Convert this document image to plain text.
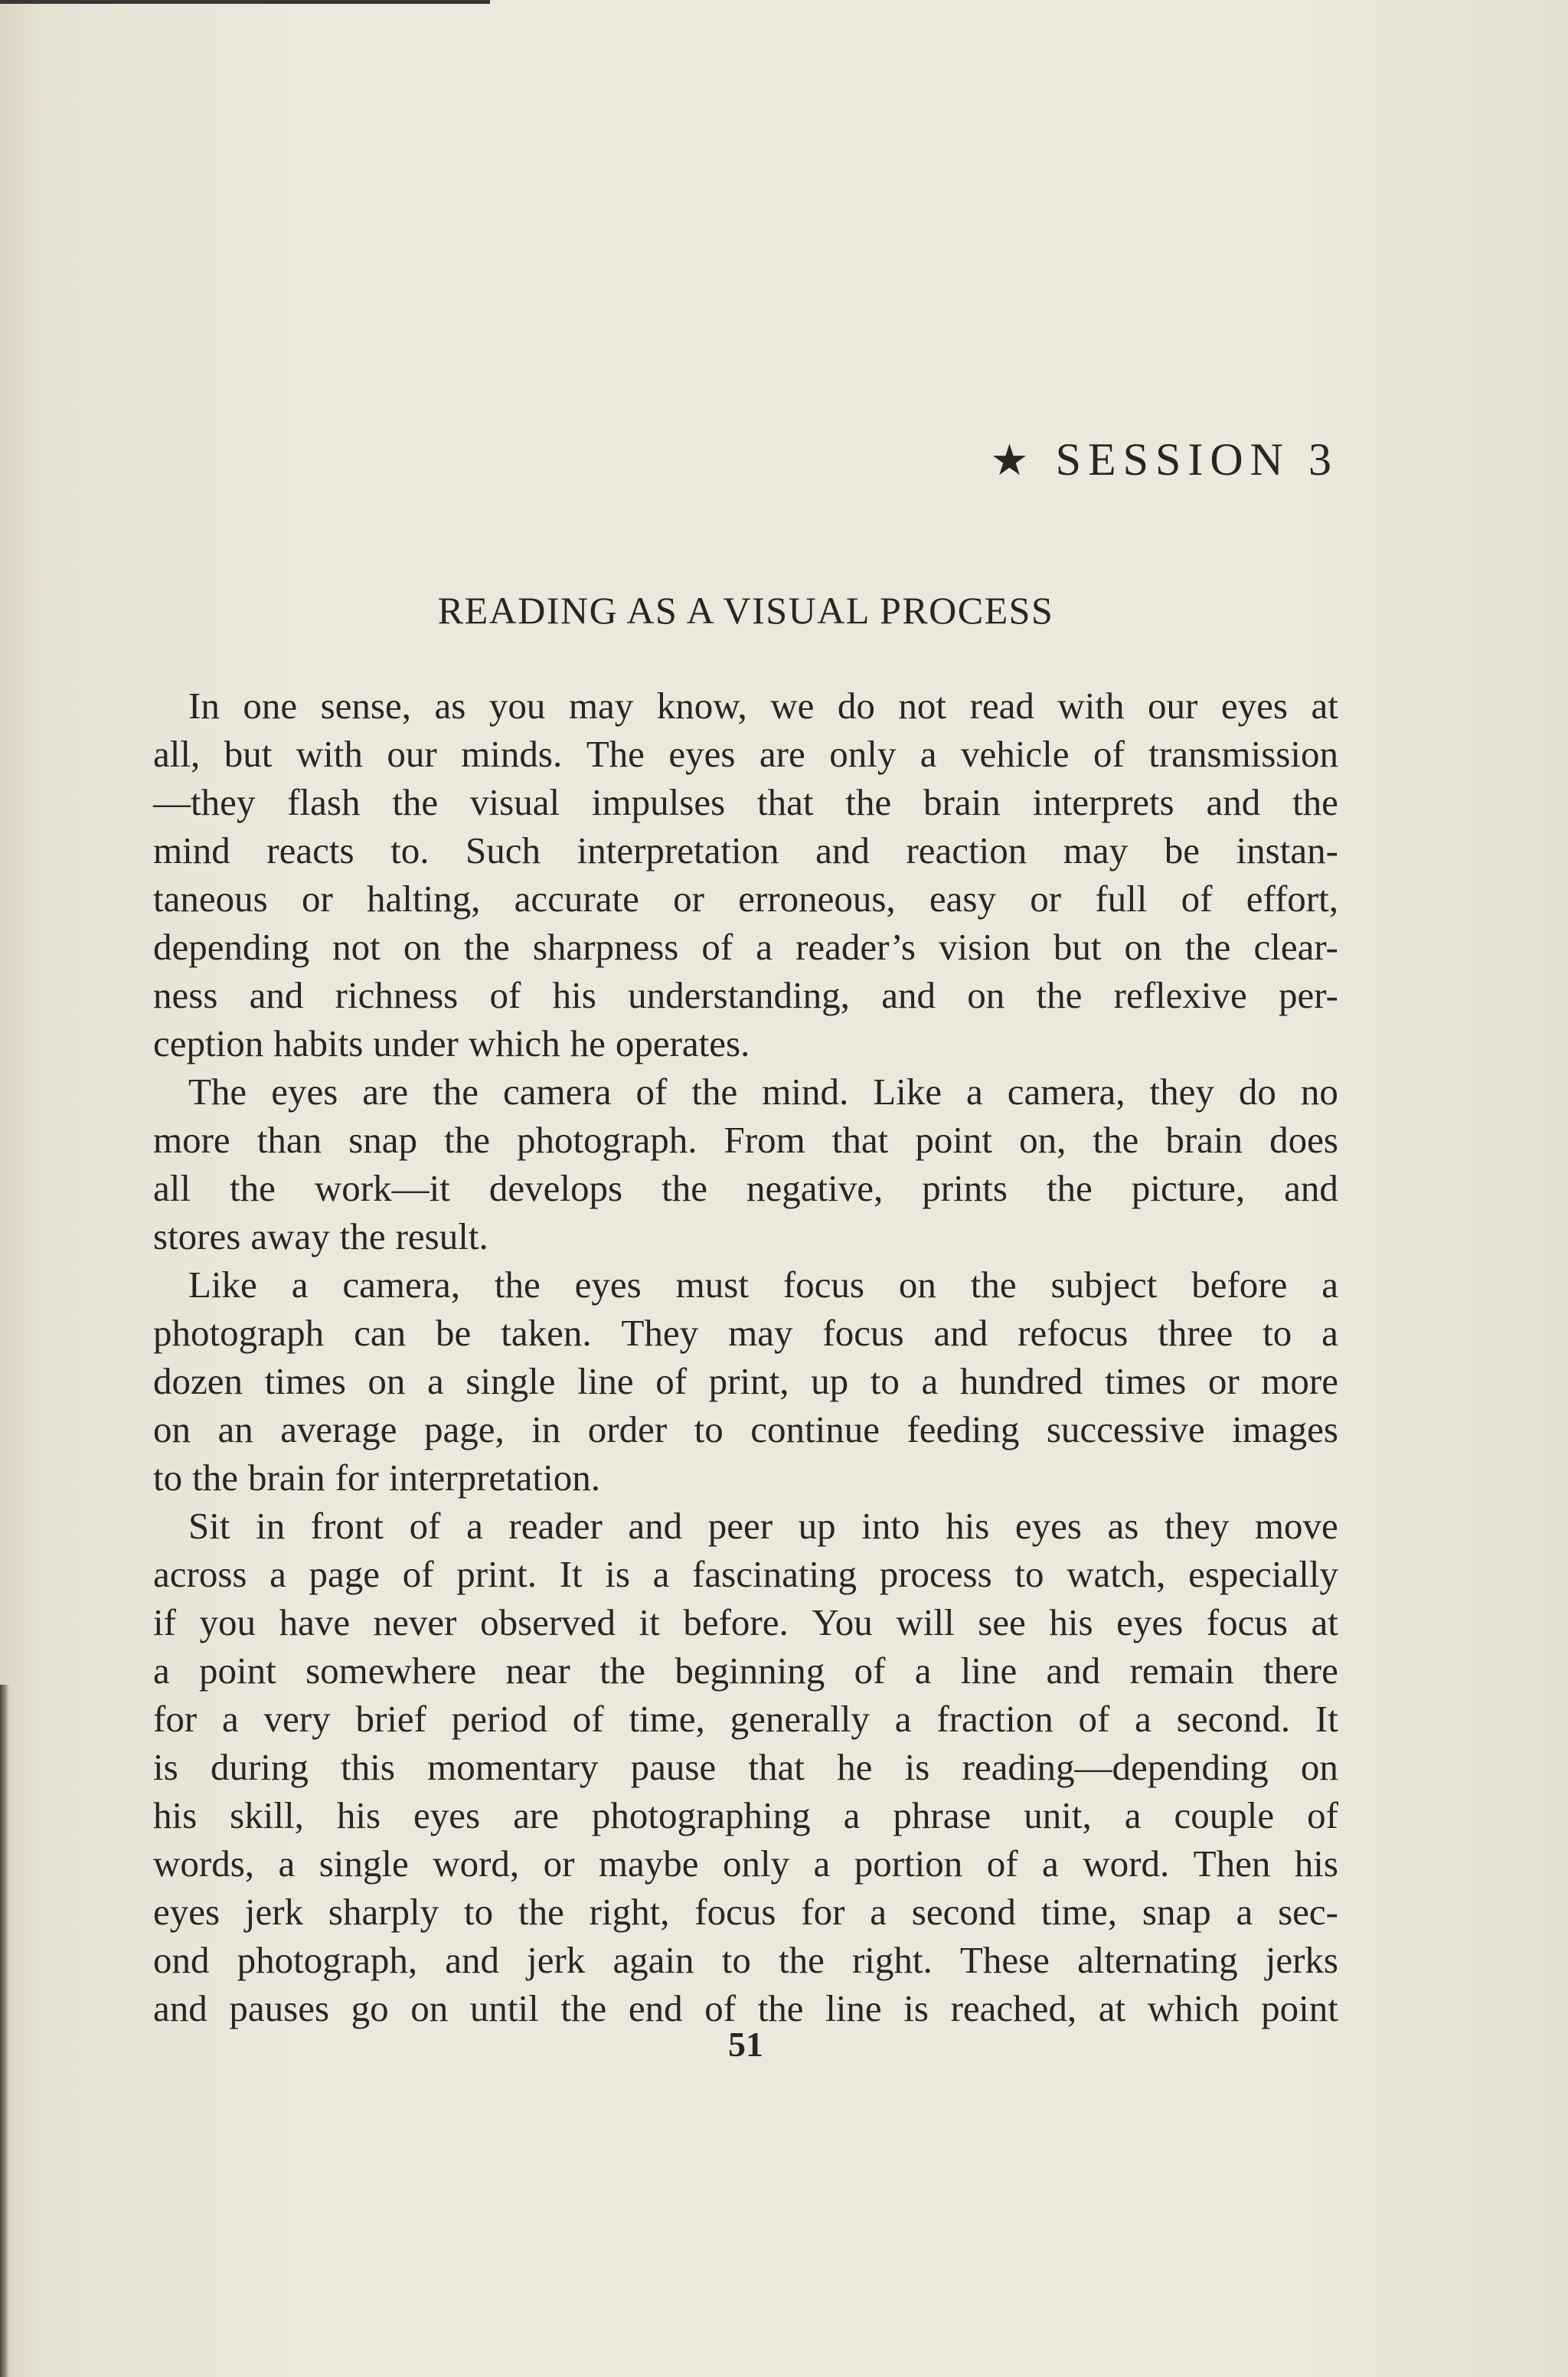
★ SESSION 3
READING AS A VISUAL PROCESS
In one sense, as you may know, we do not read with our eyes at
all, but with our minds. The eyes are only a vehicle of transmission
—they flash the visual impulses that the brain interprets and the
mind reacts to. Such interpretation and reaction may be instan-
taneous or halting, accurate or erroneous, easy or full of effort,
depending not on the sharpness of a reader’s vision but on the clear-
ness and richness of his understanding, and on the reflexive per-
ception habits under which he operates.
The eyes are the camera of the mind. Like a camera, they do no
more than snap the photograph. From that point on, the brain does
all the work—it develops the negative, prints the picture, and
stores away the result.
Like a camera, the eyes must focus on the subject before a
photograph can be taken. They may focus and refocus three to a
dozen times on a single line of print, up to a hundred times or more
on an average page, in order to continue feeding successive images
to the brain for interpretation.
Sit in front of a reader and peer up into his eyes as they move
across a page of print. It is a fascinating process to watch, especially
if you have never observed it before. You will see his eyes focus at
a point somewhere near the beginning of a line and remain there
for a very brief period of time, generally a fraction of a second. It
is during this momentary pause that he is reading—depending on
his skill, his eyes are photographing a phrase unit, a couple of
words, a single word, or maybe only a portion of a word. Then his
eyes jerk sharply to the right, focus for a second time, snap a sec-
ond photograph, and jerk again to the right. These alternating jerks
and pauses go on until the end of the line is reached, at which point
51
